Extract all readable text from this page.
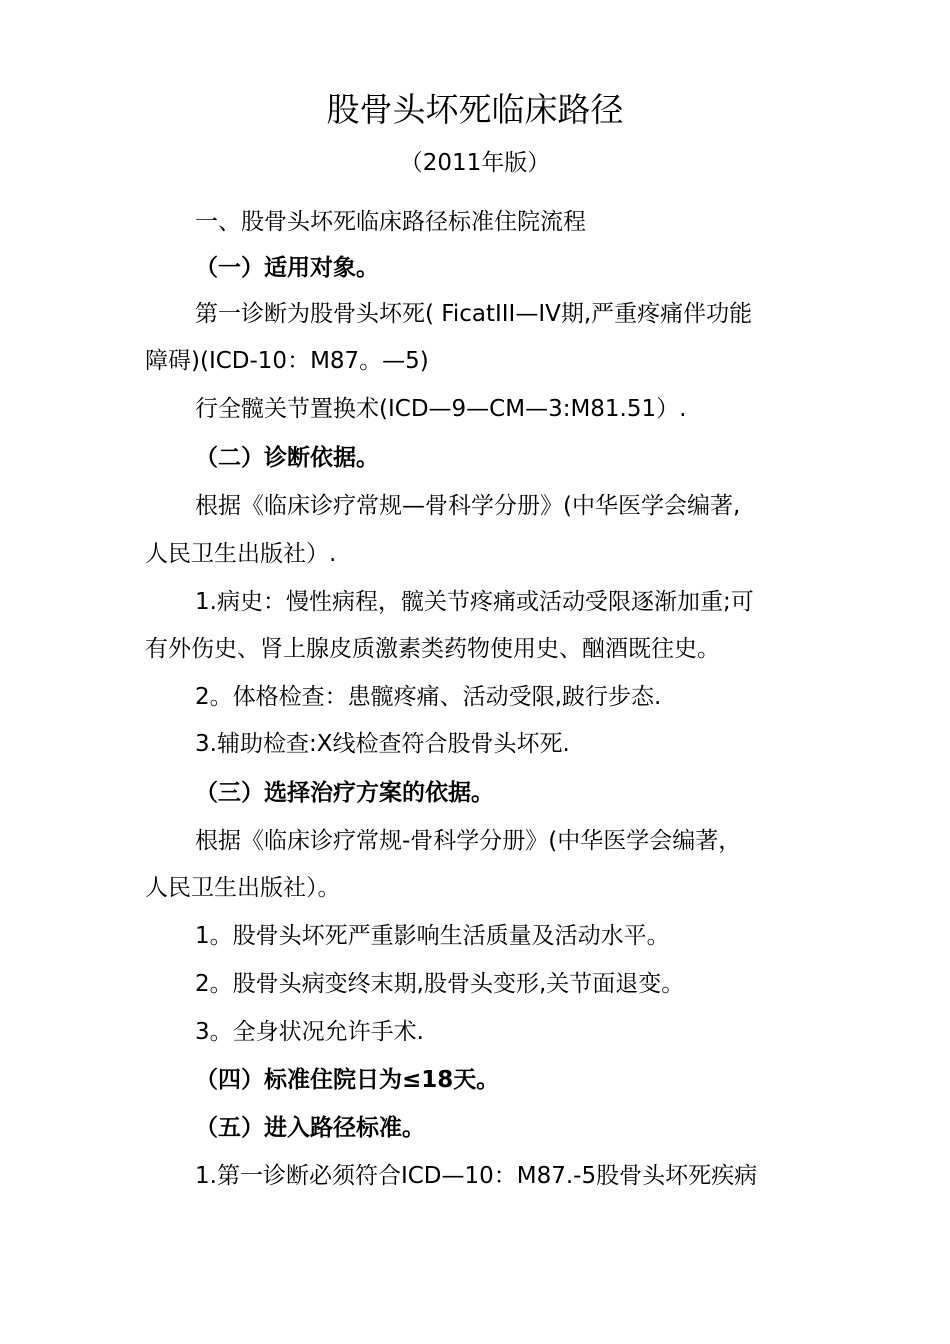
股骨头坏死临床路径
（2011年版）

一、股骨头坏死临床路径标准住院流程

（一）适用对象。

第一诊断为股骨头坏死( FicatIII—IV期,严重疼痛伴功能

障碍)(ICD-10：M87。—5)

行全髋关节置换术(ICD—9—CM—3:M81.51）.

（二）诊断依据。

根据《临床诊疗常规—骨科学分册》(中华医学会编著,

人民卫生出版社）.

1.病史：慢性病程，髋关节疼痛或活动受限逐渐加重;可

有外伤史、肾上腺皮质激素类药物使用史、酗酒既往史。

2。体格检查：患髋疼痛、活动受限,跛行步态.

3.辅助检查:X线检查符合股骨头坏死.

（三）选择治疗方案的依据。

根据《临床诊疗常规-骨科学分册》(中华医学会编著，

人民卫生出版社）。

1。股骨头坏死严重影响生活质量及活动水平。

2。股骨头病变终末期,股骨头变形,关节面退变。

3。全身状况允许手术.

（四）标准住院日为≤18天。

（五）进入路径标准。

1.第一诊断必须符合ICD—10：M87.-5股骨头坏死疾病
